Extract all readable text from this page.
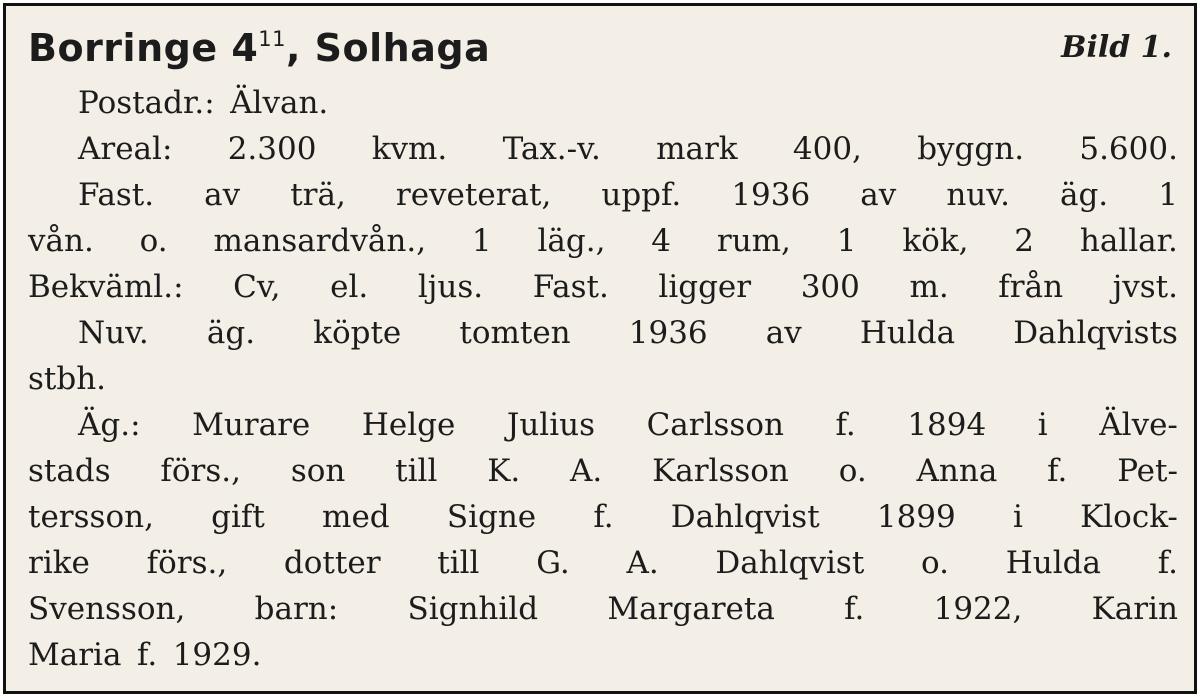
Borringe $4^{11}$, Solhaga	Bild 1.
Postadr.: Älvan.
Areal: 2.300 kvm. Tax.-v. mark 400, byggn. 5.600.
Fast. av trä, reveterat, uppf. 1936 av nuv. äg. 1
vån. o. mansardvån., 1 läg., 4 rum, 1 kök, 2 hallar.
Bekväml.: Cv, el. ljus. Fast. ligger 300 m. från jvst.
Nuv. äg. köpte tomten 1936 av Hulda Dahlqvists
stbh.
Äg.: Murare Helge Julius Carlsson f. 1894 i Älve-
stads förs., son till K. A. Karlsson o. Anna f. Pet-
tersson, gift med Signe f. Dahlqvist 1899 i Klock-
rike förs., dotter till G. A. Dahlqvist o. Hulda f.
Svensson, barn: Signhild Margareta f. 1922, Karin
Maria f. 1929.
